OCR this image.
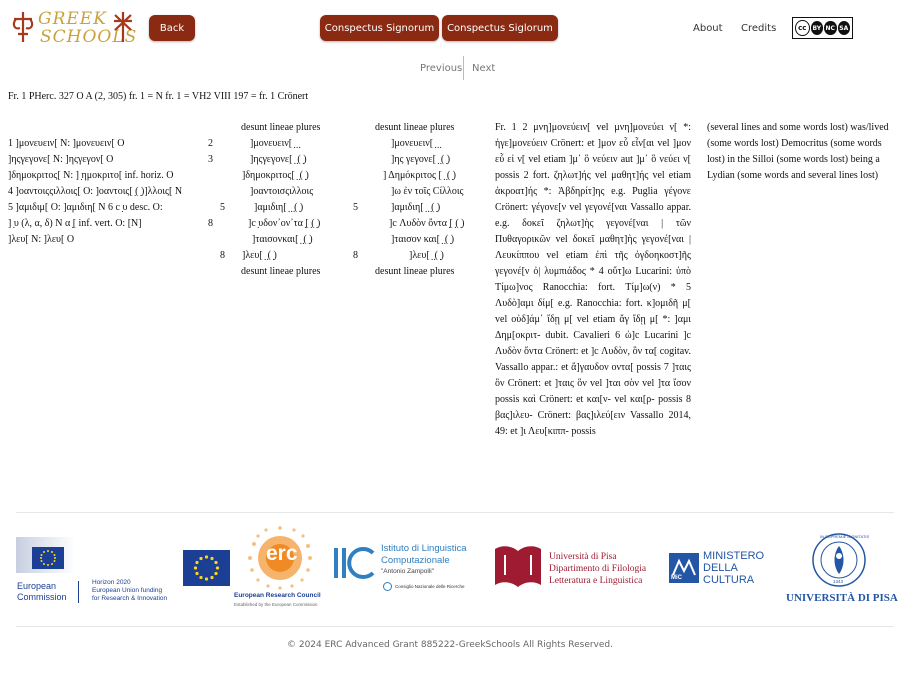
GREEK
SCHOOLS	Back	Conspectus Signorum	Conspectus Siglorum	About Credits	cc	BY NC SA
Previous Next
Fr. 1 PHerc. 327 O A (2, 305) fr. 1 = N fr. 1 = VH2 VIII 197 = fr. 1 Crönert
1 ]μονευειν[ N: ]μονευειν[ O	2
]ηςγεγονε[ N: ]ηςγεγον[ O	3
]δημοκριτος[ N: ] ̣ημοκριτο[ inf. horiz. O
4 ]οαντοιςςιλλοις[ O: ]οαντοις[ ̣( ̣)]λλοις[ N
5 ]αμιδιμ[ O: ]αμιδιη[ N 6 c ̣υ desc. O:
] ̣υ (λ, α, δ) N α ̣[ inf. vert. O: [N]	8
]λευ[ N: ]λευ[ O
desunt lineae plures
]μονευειν[ ̣ ̣ ̣
]ηςγεγονε[ ̣ ̣( ̣)
]δημοκριτος[ ̣ ̣( ̣)
]οαντοισςιλλοις
5	]αμιδιη[ ̣ ̣ ̣( ̣)
]c ̣υδον᾽ον᾽τα ̣[ ̣( ̣)
]ταισονκαι[ ̣ ̣( ̣)
8 ]λευ[ ̣ ̣( ̣)
desunt lineae plures
desunt lineae plures
]μονευειν[ ̣ ̣ ̣
]ης γεγονε[ ̣ ̣( ̣)
] Δημόκριτος [ ̣ ̣( ̣)
]ω ἐν τοῖς Cίλλοις
5	]αμιδιη[ ̣ ̣ ̣( ̣)
]c Λυδὸν ὄντα ̣[ ̣( ̣)
]ταισον και[ ̣ ̣( ̣)
8	]λευ[ ̣ ̣( ̣)
desunt lineae plures
Fr. 1 2 μνη]μονεύειν[ vel μνη]μονεύει ν[ *: ἠγε]μονεύειν Crönert: et ]μον εὖ εἶν[αι vel ]μον εὖ εἰ ν[ vel etiam ]μ᾽ ὃ νεύειν aut ]μ᾽ ὃ νεύει ν[ possis 2 fort. ζηλωτ]ής vel μαθητ]ής vel etiam ἀκροατ]ής *: Ἀβδηρίτ]ης e.g. Puglia γέγονε Crönert: γέγονε[ν vel γεγονέ[ναι Vassallo appar. e.g. δοκεῖ ζηλωτ]ὴς γεγονέ[ναι | τῶν Πυθαγορικῶν vel δοκεῖ μαθητ]ὴς γεγονέ[ναι | Λευκίππου vel etiam ἐπὶ τῆς ὀγδοηκοστ]ῆς γεγονέ[ν ὀ| λυμπιάδος * 4 οὕτ]ω Lucarini: ὑπὸ Τίμω]νος Ranocchia: fort. Τίμ]ω(ν) * 5 Λυδὸ]αμι δίμ[ e.g. Ranocchia: fort. κ]ομιδῆ μ[ vel οὐδ]άμ᾽ ἴδῃ μ[ vel etiam ἄγ ἴδῃ μ[ *: ]αμι Δημ[οκριτ- dubit. Cavalieri 6 ὠ]c Lucarini ]c Λυδὸν ὄντα Crönert: et ]c Λυδὸν, ὃν τα[ cogitav. Vassallo appar.: et ἄ]γαυδον οντα[ possis 7 ]ταις ὃν Crönert: et ]ταις ὃν vel ]ται σὸν vel ]τα ἴσον possis καὶ Crönert: et και[ν- vel και[ρ- possis 8 βας]ιλευ- Crönert: βας]ιλεύ[ειν Vassallo 2014, 49: et ]ι Λευ[κιππ- possis
(several lines and some words lost) was/lived (some words lost) Democritus (some words lost) in the Silloi (some words lost) being a Lydian (some words and several lines lost)
European
Commission
Horizon 2020
European Union funding
for Research & Innovation
erc
European Research Council
Established by the European Commission
Istituto di Linguistica
Computazionale
"Antonio Zampolli"
Consiglio Nazionale delle Ricerche
Università di Pisa
Dipartimento di Filologia
Letteratura e Linguistica	MiC
MINISTERO
DELLA
CULTURA
IN SUPREMÆ DIGNITATIS
1343
UNIVERSITÀ DI PISA
© 2024 ERC Advanced Grant 885222-GreekSchools All Rights Reserved.
